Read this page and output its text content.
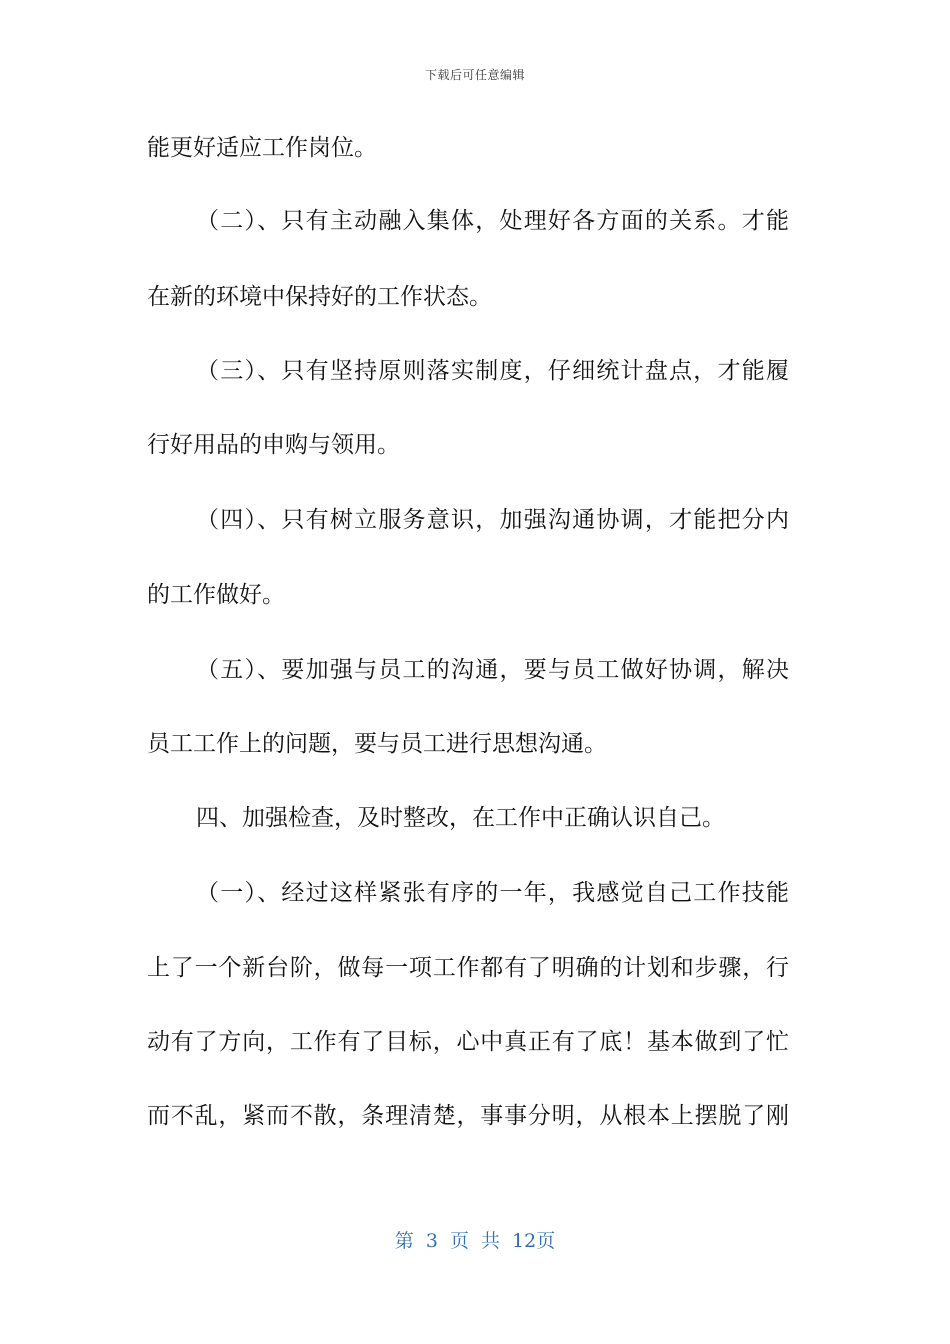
下载后可任意编辑
能更好适应工作岗位。
（二）、只有主动融入集体，处理好各方面的关系。才能
在新的环境中保持好的工作状态。
（三）、只有坚持原则落实制度，仔细统计盘点，才能履
行好用品的申购与领用。
（四）、只有树立服务意识，加强沟通协调，才能把分内
的工作做好。
（五）、要加强与员工的沟通，要与员工做好协调，解决
员工工作上的问题，要与员工进行思想沟通。
四、加强检查，及时整改，在工作中正确认识自己。
（一）、经过这样紧张有序的一年，我感觉自己工作技能
上了一个新台阶，做每一项工作都有了明确的计划和步骤，行
动有了方向，工作有了目标，心中真正有了底！基本做到了忙
而不乱，紧而不散，条理清楚，事事分明，从根本上摆脱了刚
第 3 页 共 12页
